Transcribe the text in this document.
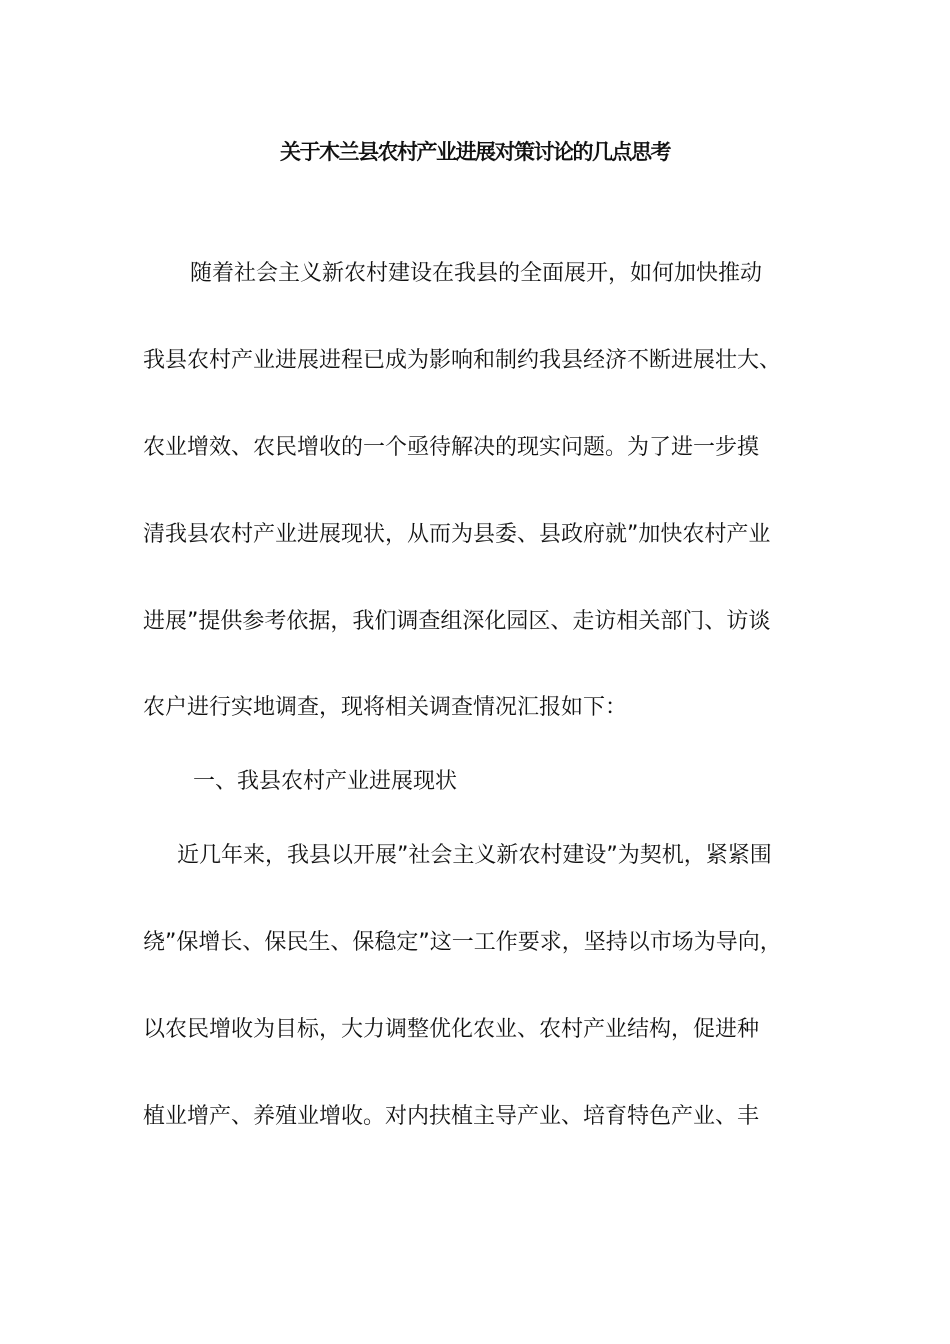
关于木兰县农村产业进展对策讨论的几点思考
随着社会主义新农村建设在我县的全面展开，如何加快推动
我县农村产业进展进程已成为影响和制约我县经济不断进展壮大、
农业增效、农民增收的一个亟待解决的现实问题。为了进一步摸
清我县农村产业进展现状，从而为县委、县政府就”加快农村产业
进展”提供参考依据，我们调查组深化园区、走访相关部门、访谈
农户进行实地调查，现将相关调查情况汇报如下：
一、我县农村产业进展现状
近几年来，我县以开展”社会主义新农村建设”为契机，紧紧围
绕”保增长、保民生、保稳定”这一工作要求，坚持以市场为导向，
以农民增收为目标，大力调整优化农业、农村产业结构，促进种
植业增产、养殖业增收。对内扶植主导产业、培育特色产业、丰
